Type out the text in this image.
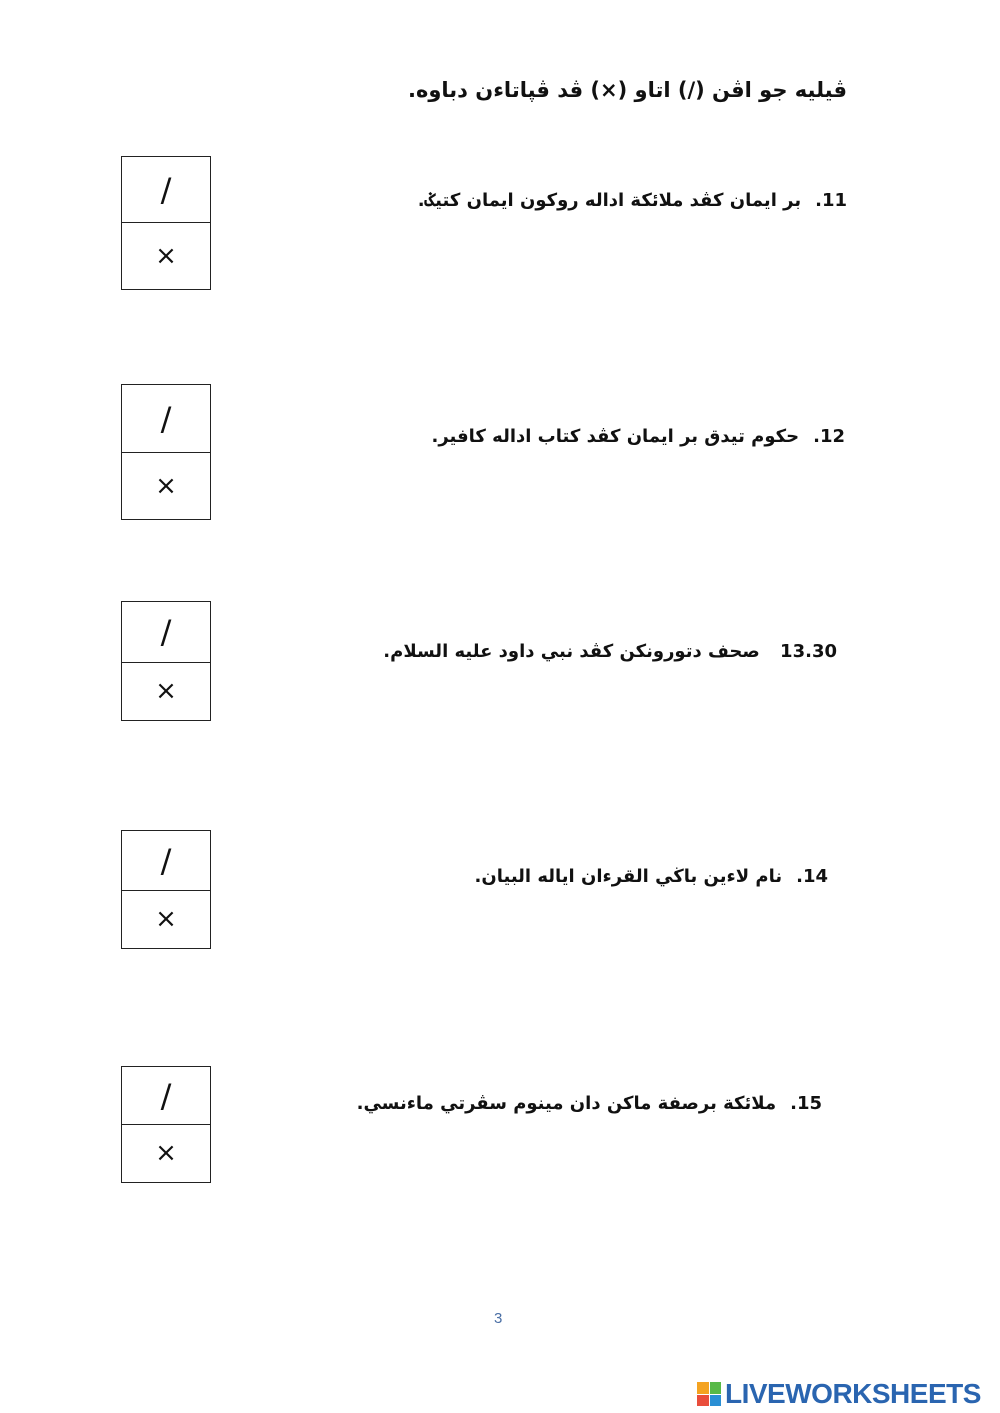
ڤيليه جو اڤن (/) اتاو (×) ڤد ڤپاتاءن دباوه.
11.بر ايمان كڤد ملائكة اداله روكون ايمان كتيݢ.
/
×
12.حكوم تيدق بر ايمان كڤد كتاب اداله كافير.
/
×
13.30 صحف دتورونكن كڤد نبي داود عليه السلام.
/
×
14.نام لاءين باڬي القرءان اياله البيان.
/
×
15.ملائكة برصفة ماكن دان مينوم سڤرتي ماءنسي.
/
×
3
LIVEWORKSHEETS
